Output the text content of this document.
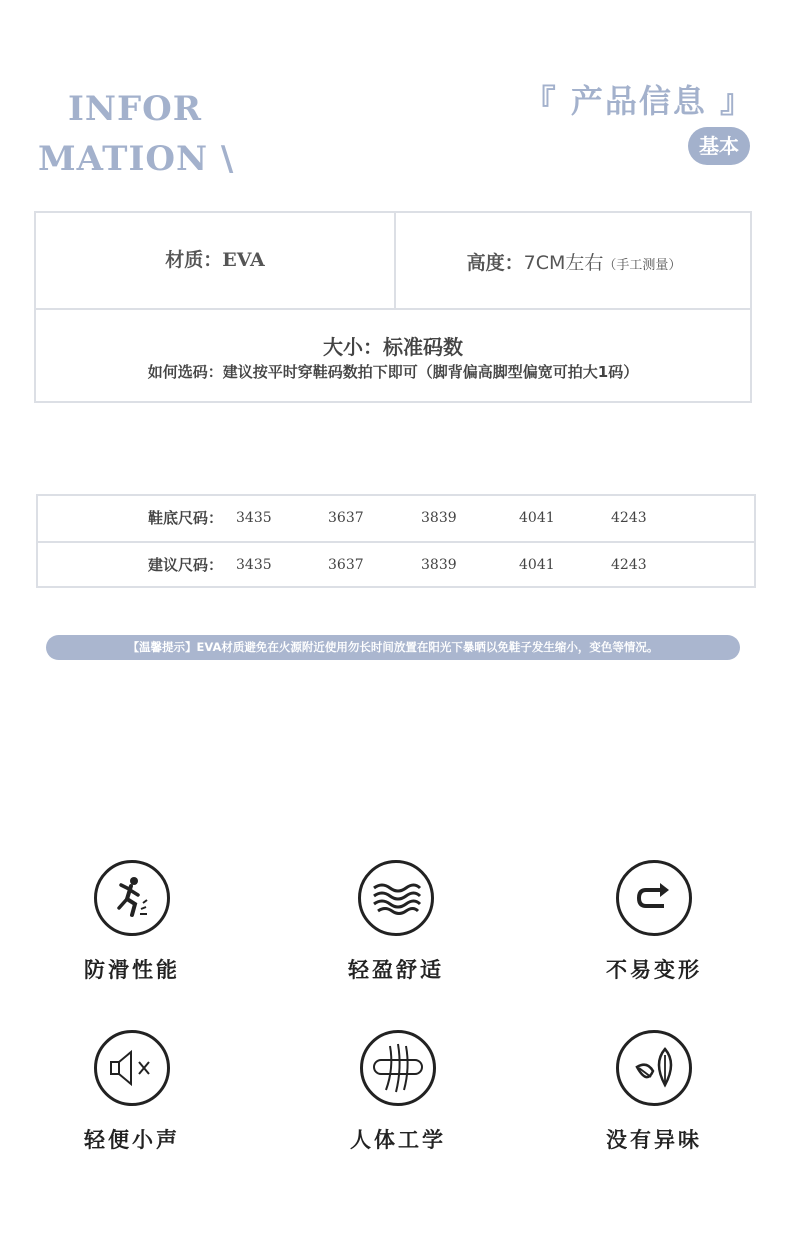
INFOR
MATION \
『 产品信息 』
基本
材质：EVA	高度：7CM左右（手工测量）
大小：标准码数
如何选码：建议按平时穿鞋码数拍下即可（脚背偏高脚型偏宽可拍大1码）
鞋底尺码： 3435	3637	3839	4041	4243
建议尺码： 3435	3637	3839	4041	4243
【温馨提示】EVA材质避免在火源附近使用勿长时间放置在阳光下暴晒以免鞋子发生缩小，变色等情况。
防滑性能	轻盈舒适	不易变形
轻便小声	人体工学	没有异味
